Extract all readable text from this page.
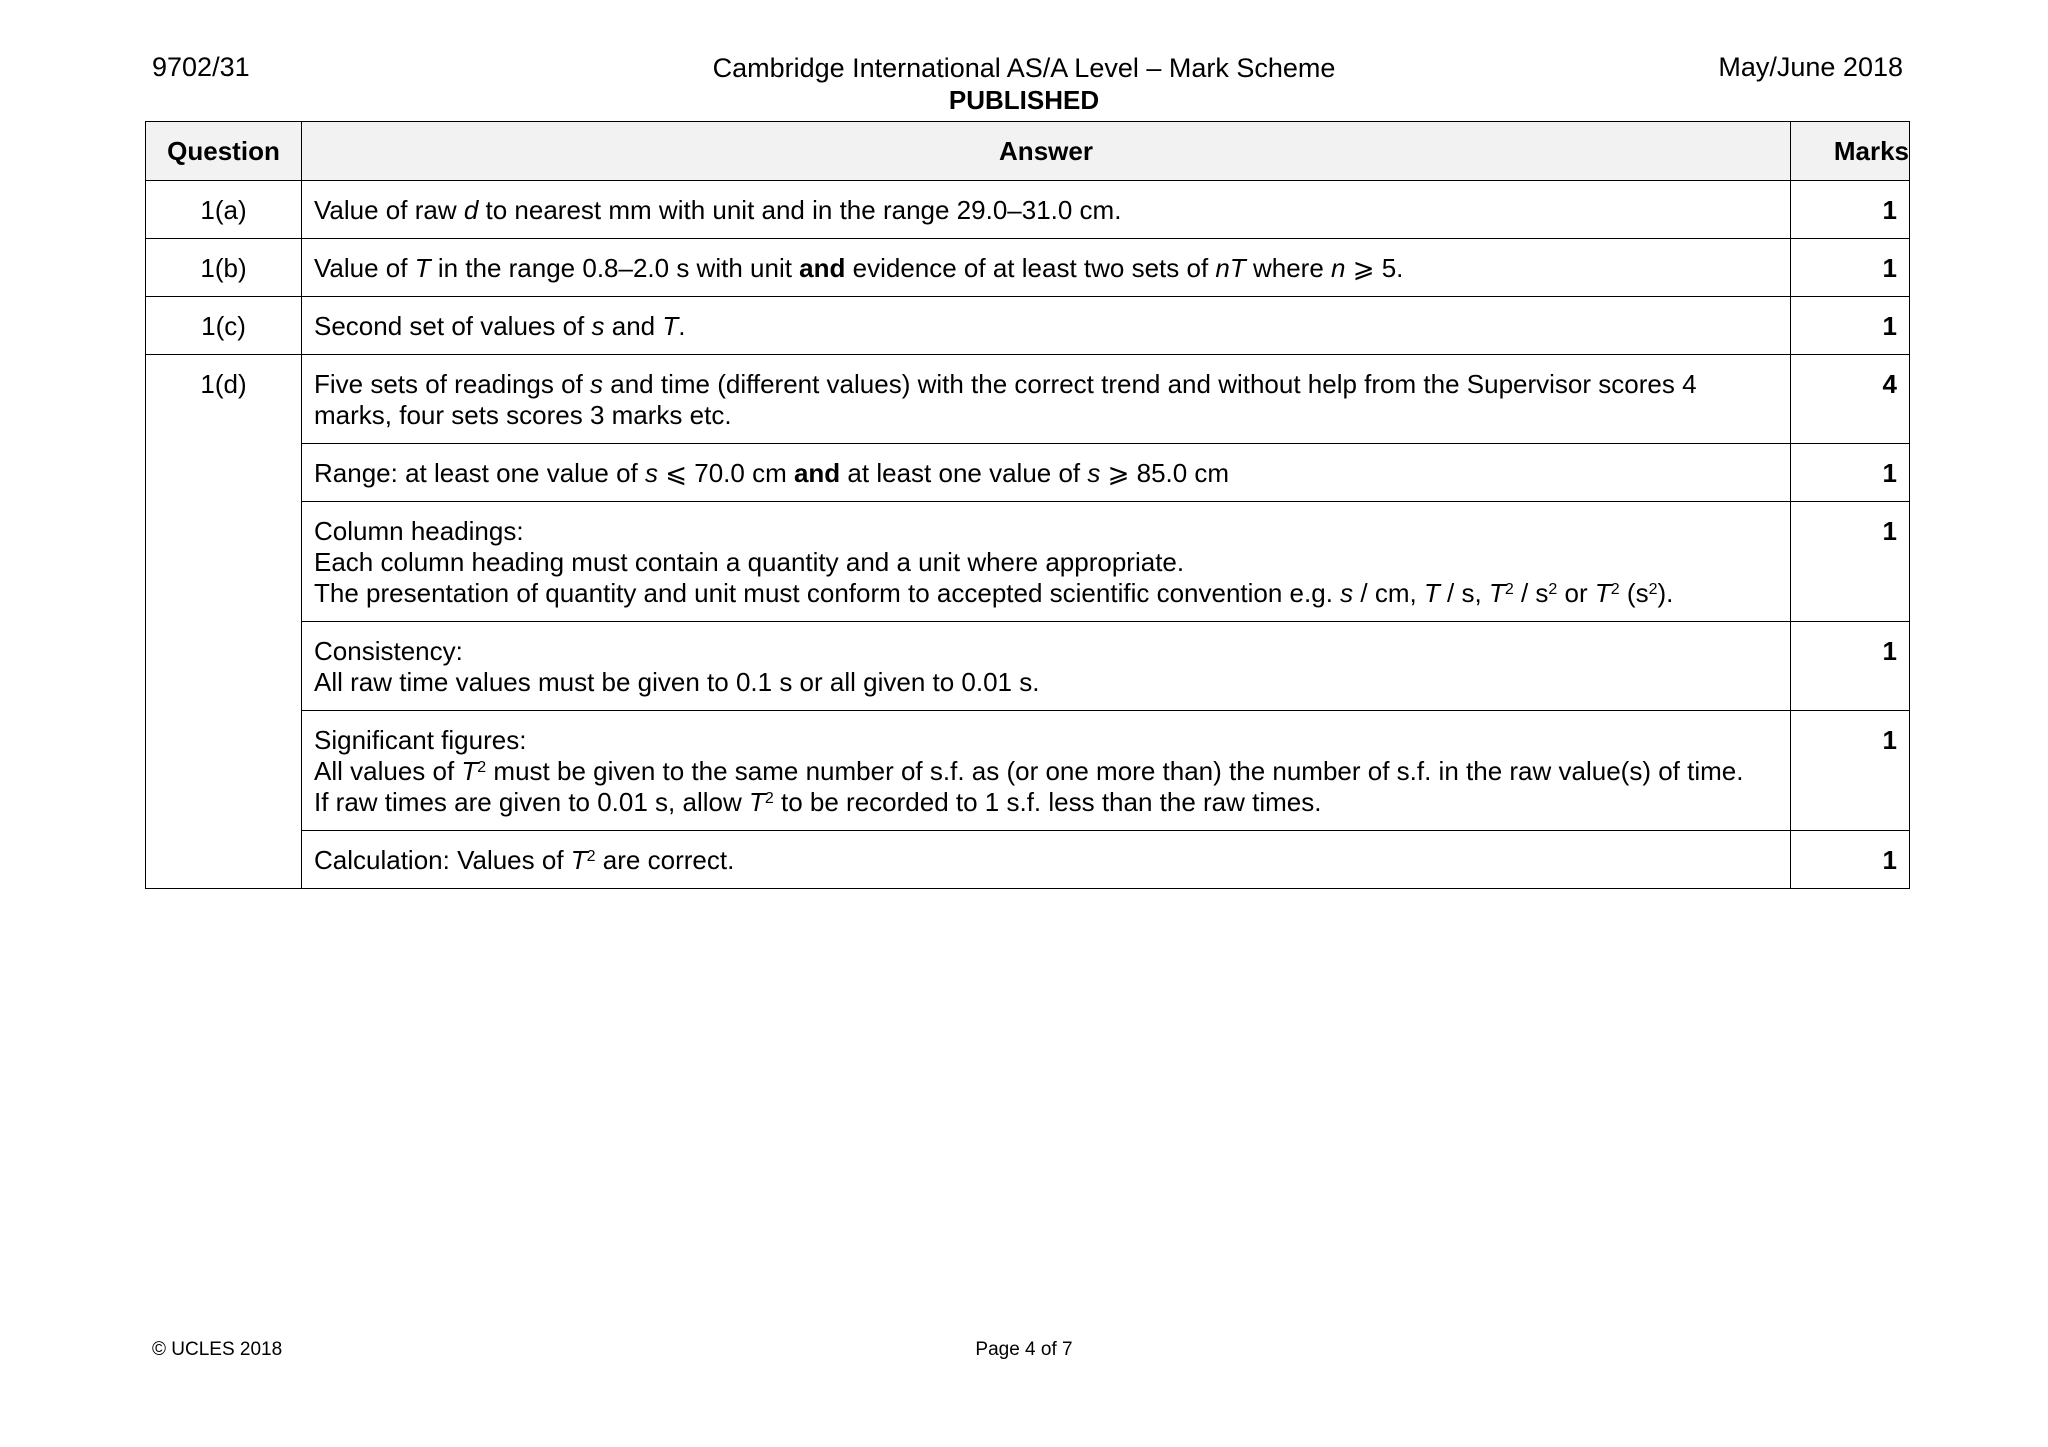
9702/31	Cambridge International AS/A Level – Mark Scheme
PUBLISHED
May/June 2018
Question	Answer	Marks
1(a)	Value of raw d to nearest mm with unit and in the range 29.0–31.0 cm.	1
1(b)	Value of T in the range 0.8–2.0 s with unit and evidence of at least two sets of nT where n ⩾ 5.	1
1(c)	Second set of values of s and T.	1
1(d)	Five sets of readings of s and time (different values) with the correct trend and without help from the Supervisor scores 4 marks, four sets scores 3 marks etc.	4
	Range: at least one value of s ⩽ 70.0 cm and at least one value of s ⩾ 85.0 cm	1
	Column headings:
Each column heading must contain a quantity and a unit where appropriate.
The presentation of quantity and unit must conform to accepted scientific convention e.g. s / cm, T / s, $T^2 / s^2$ or $T^2$ $(s^2)$.	1
	Consistency:
All raw time values must be given to 0.1 s or all given to 0.01 s.	1
	Significant figures:
All values of $T^2$ must be given to the same number of s.f. as (or one more than) the number of s.f. in the raw value(s) of time.
If raw times are given to 0.01 s, allow $T^2$ to be recorded to 1 s.f. less than the raw times.	1
	Calculation: Values of $T^2$ are correct.	1
© UCLES 2018	Page 4 of 7
